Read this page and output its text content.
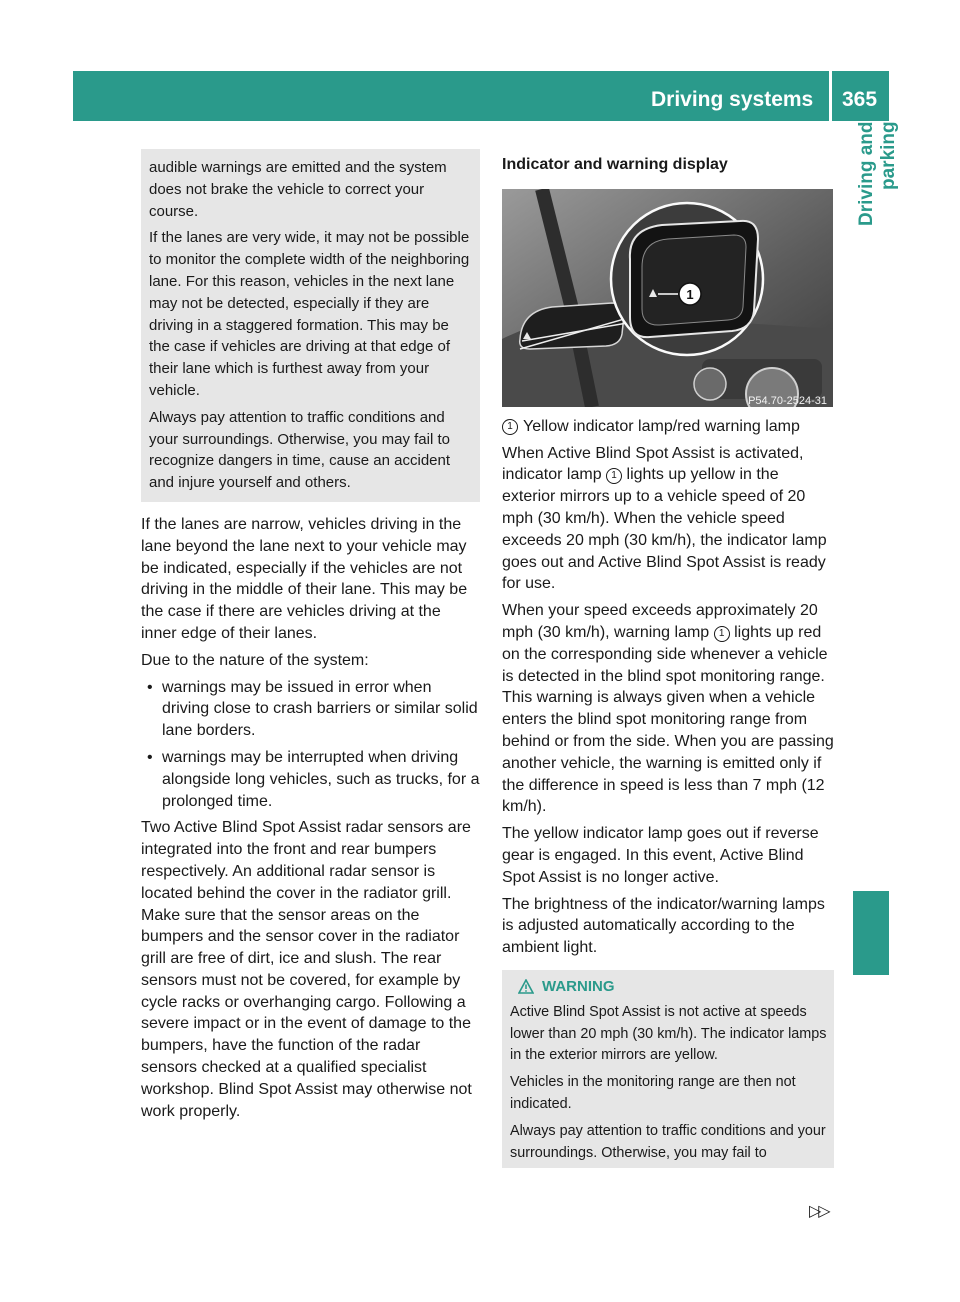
Driving systems 365
Driving and parking

audible warnings are emitted and the system does not brake the vehicle to correct your course.

If the lanes are very wide, it may not be possible to monitor the complete width of the neighboring lane. For this reason, vehicles in the next lane may not be detected, especially if they are driving in a staggered formation. This may be the case if vehicles are driving at that edge of their lane which is furthest away from your vehicle.

Always pay attention to traffic conditions and your surroundings. Otherwise, you may fail to recognize dangers in time, cause an accident and injure yourself and others.

If the lanes are narrow, vehicles driving in the lane beyond the lane next to your vehicle may be indicated, especially if the vehicles are not driving in the middle of their lane. This may be the case if there are vehicles driving at the inner edge of their lanes.

Due to the nature of the system:

• warnings may be issued in error when driving close to crash barriers or similar solid lane borders.
• warnings may be interrupted when driving alongside long vehicles, such as trucks, for a prolonged time.

Two Active Blind Spot Assist radar sensors are integrated into the front and rear bumpers respectively. An additional radar sensor is located behind the cover in the radiator grill. Make sure that the sensor areas on the bumpers and the sensor cover in the radiator grill are free of dirt, ice and slush. The rear sensors must not be covered, for example by cycle racks or overhanging cargo. Following a severe impact or in the event of damage to the bumpers, have the function of the radar sensors checked at a qualified specialist workshop. Blind Spot Assist may otherwise not work properly.

Indicator and warning display

1
P54.70-2524-31
1 Yellow indicator lamp/red warning lamp

When Active Blind Spot Assist is activated, indicator lamp 1 lights up yellow in the exterior mirrors up to a vehicle speed of 20 mph (30 km/h). When the vehicle speed exceeds 20 mph (30 km/h), the indicator lamp goes out and Active Blind Spot Assist is ready for use.

When your speed exceeds approximately 20 mph (30 km/h), warning lamp 1 lights up red on the corresponding side whenever a vehicle is detected in the blind spot monitoring range. This warning is always given when a vehicle enters the blind spot monitoring range from behind or from the side. When you are passing another vehicle, the warning is emitted only if the difference in speed is less than 7 mph (12 km/h).

The yellow indicator lamp goes out if reverse gear is engaged. In this event, Active Blind Spot Assist is no longer active.

The brightness of the indicator/warning lamps is adjusted automatically according to the ambient light.

WARNING

Active Blind Spot Assist is not active at speeds lower than 20 mph (30 km/h). The indicator lamps in the exterior mirrors are yellow.

Vehicles in the monitoring range are then not indicated.

Always pay attention to traffic conditions and your surroundings. Otherwise, you may fail to

▷▷
